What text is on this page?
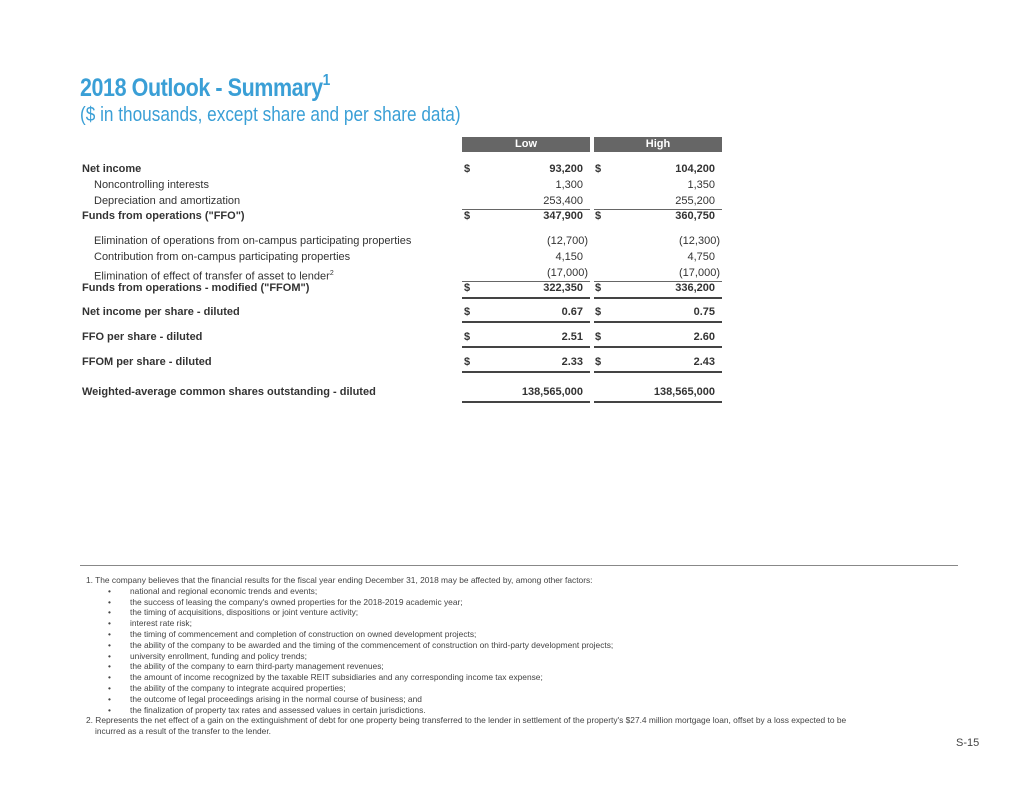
2018 Outlook - Summary$^1$
($ in thousands, except share and per share data)
Low	High
Net income	$	93,200 $	104,200
Noncontrolling interests	1,300	1,350
Depreciation and amortization	253,400	255,200
Funds from operations ("FFO")	$	347,900 $	360,750
Elimination of operations from on-campus participating properties	(12,700)	(12,300)
Contribution from on-campus participating properties	4,150	4,750
Elimination of effect of transfer of asset to lender$^2$	(17,000)	(17,000)
Funds from operations - modified ("FFOM")	$	322,350 $	336,200
Net income per share - diluted	$	0.67 $	0.75
FFO per share - diluted	$	2.51 $	2.60
FFOM per share - diluted	$	2.33 $	2.43
Weighted-average common shares outstanding - diluted	138,565,000	138,565,000
1. The company believes that the financial results for the fiscal year ending December 31, 2018 may be affected by, among other factors:
• national and regional economic trends and events;
• the success of leasing the company's owned properties for the 2018-2019 academic year;
• the timing of acquisitions, dispositions or joint venture activity;
• interest rate risk;
• the timing of commencement and completion of construction on owned development projects;
• the ability of the company to be awarded and the timing of the commencement of construction on third-party development projects;
• university enrollment, funding and policy trends;
• the ability of the company to earn third-party management revenues;
• the amount of income recognized by the taxable REIT subsidiaries and any corresponding income tax expense;
• the ability of the company to integrate acquired properties;
• the outcome of legal proceedings arising in the normal course of business; and
• the finalization of property tax rates and assessed values in certain jurisdictions.
2. Represents the net effect of a gain on the extinguishment of debt for one property being transferred to the lender in settlement of the property's $27.4 million mortgage loan, offset by a loss expected to be
incurred as a result of the transfer to the lender.
S-15
